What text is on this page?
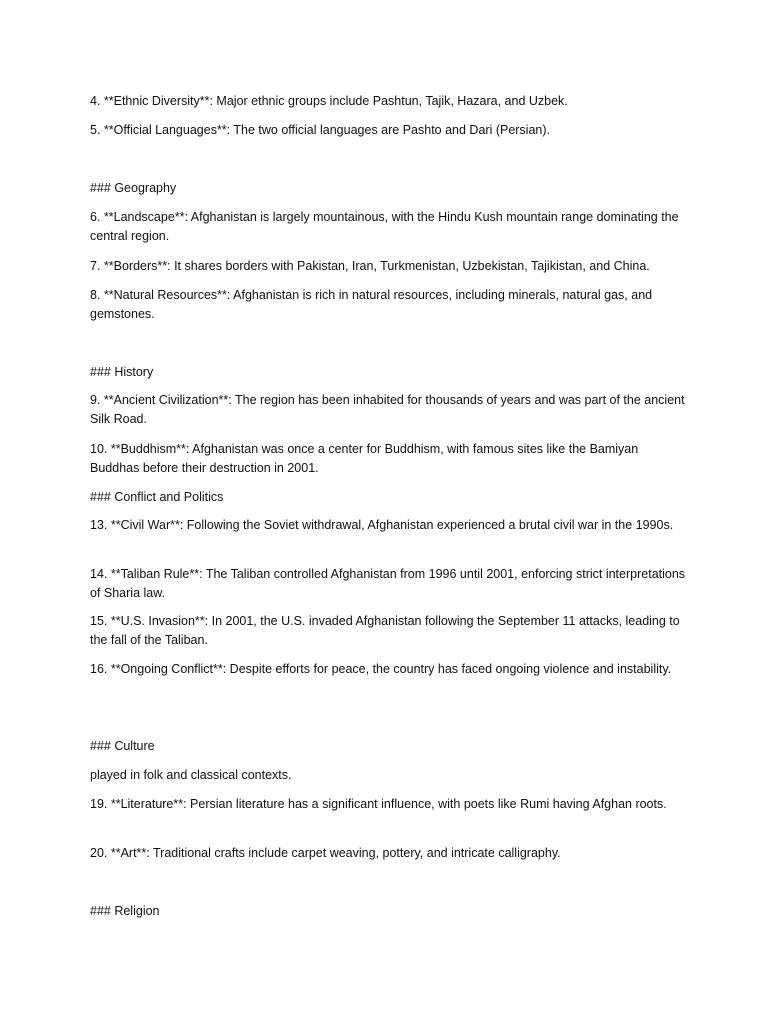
4. **Ethnic Diversity**: Major ethnic groups include Pashtun, Tajik, Hazara, and Uzbek.
5. **Official Languages**: The two official languages are Pashto and Dari (Persian).
### Geography
6. **Landscape**: Afghanistan is largely mountainous, with the Hindu Kush mountain range dominating the central region.
7. **Borders**: It shares borders with Pakistan, Iran, Turkmenistan, Uzbekistan, Tajikistan, and China.
8. **Natural Resources**: Afghanistan is rich in natural resources, including minerals, natural gas, and gemstones.
### History
9. **Ancient Civilization**: The region has been inhabited for thousands of years and was part of the ancient Silk Road.
10. **Buddhism**: Afghanistan was once a center for Buddhism, with famous sites like the Bamiyan Buddhas before their destruction in 2001.
### Conflict and Politics
13. **Civil War**: Following the Soviet withdrawal, Afghanistan experienced a brutal civil war in the 1990s.
14. **Taliban Rule**: The Taliban controlled Afghanistan from 1996 until 2001, enforcing strict interpretations of Sharia law.
15. **U.S. Invasion**: In 2001, the U.S. invaded Afghanistan following the September 11 attacks, leading to the fall of the Taliban.
16. **Ongoing Conflict**: Despite efforts for peace, the country has faced ongoing violence and instability.
### Culture
played in folk and classical contexts.
19. **Literature**: Persian literature has a significant influence, with poets like Rumi having Afghan roots.
20. **Art**: Traditional crafts include carpet weaving, pottery, and intricate calligraphy.
### Religion
